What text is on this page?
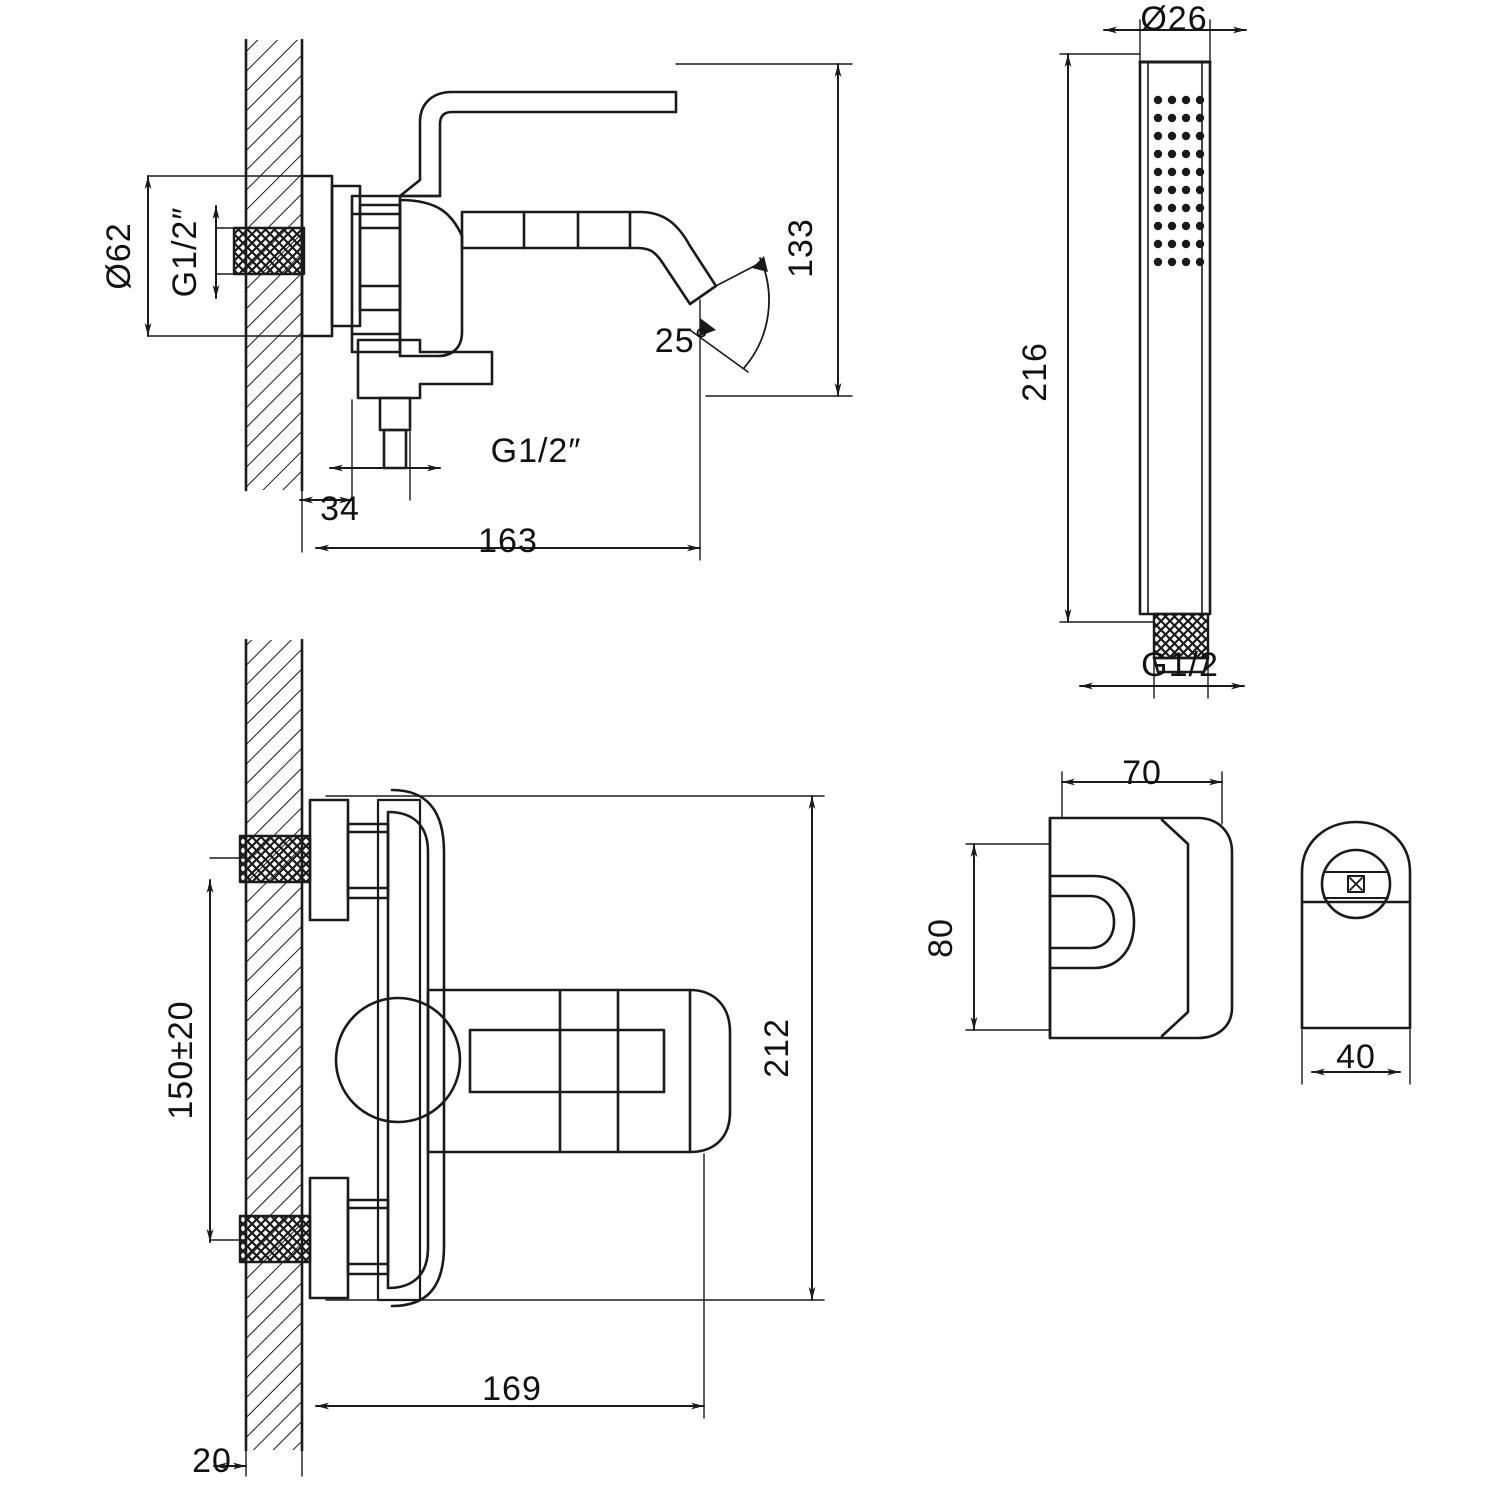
Ø62 G1/2″	133
25°
G1/2″
34
163
150±20	212
169
20
Ø26
216
G1/2
70
80
40
